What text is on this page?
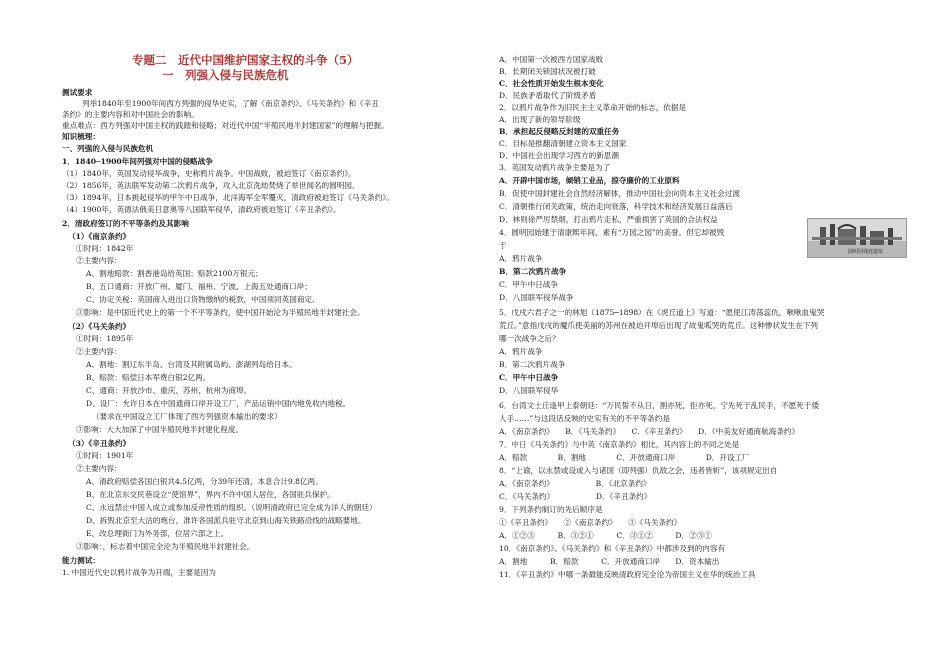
专题二　近代中国维护国家主权的斗争（5）
一　列强入侵与民族危机
测试要求
列举1840年至1900年间西方列强的侵华史实，了解《南京条约》、《马关条约》和《辛丑
条约》的主要内容和对中国社会的影响。
重点难点：西方列强对中国主权的践踏和侵略；对近代中国“半殖民地半封建国家”的理解与把握。
知识梳理：
一、列强的入侵与民族危机
1．1840─1900年间列强对中国的侵略战争
（1）1840年，英国发动侵华战争，史称鸦片战争。中国战败，被迫签订《南京条约》。
（2）1856年，英法联军发动第二次鸦片战争，攻入北京洗劫焚烧了举世闻名的圆明园。
（3）1894年，日本挑起侵华的甲午中日战争，北洋海军全军覆灭，清政府被迫签订《马关条约》。
（4）1900年，英德法俄美日意奥等八国联军侵华，清政府被迫签订《辛丑条约》。
2．清政府签订的不平等条约及其影响
（1）《南京条约》
①时间：1842年
②主要内容：
A、割地赔款：割香港岛给英国；赔款2100万银元；
B、五口通商：开放广州、厦门、福州、宁波、上海五处通商口岸；
C、协定关税：英国商人进出口货物缴纳的税款，中国须同英国商定。
③影响：是中国近代史上的第一个不平等条约，使中国开始沦为半殖民地半封建社会。
（2）《马关条约》
①时间：1895年
②主要内容：
A、割地：割辽东半岛、台湾及其附属岛屿、澎湖列岛给日本。
B、赔款：赔偿日本军费白银2亿两。
C、通商：开放沙市、重庆、苏州、杭州为商埠。
D、设厂：允许日本在中国通商口岸开设工厂，产品运销中国内地免收内地税。
（要求在中国设立工厂体现了西方列强资本输出的要求）
③影响：大大加深了中国半殖民地半封建化程度。
（3）《辛丑条约》
①时间：1901年
②主要内容：
A、清政府赔偿各国白银共4.5亿两，分39年还清，本息合计9.8亿两。
B、在北京东交民巷设立“使馆界”，界内不许中国人居住，各国驻兵保护。
C、永远禁止中国人成立或参加反帝性质的组织。（说明清政府已完全成为洋人的朝廷）
D、拆毁北京至大沽的炮台，准许各国派兵驻守北京到山海关铁路沿线的战略要地。
E、改总理衙门为外务部，位居六部之上。
③影响：，标志着中国完全沦为半殖民地半封建社会。
能力测试：
1. 中国近代史以鸦片战争为开端，主要是因为
圆明园残迹遗址
A．中国第一次被西方国家战败
B．长期闭关锁国状况被打破
C．社会性质开始发生根本变化
D．民族矛盾取代了阶级矛盾
2．以鸦片战争作为旧民主主义革命开始的标志，依据是
A．出现了新的领导阶级
B．承担起反侵略反封建的双重任务
C．目标是推翻清朝建立资本主义国家
D．中国社会出现学习西方的新思潮
3．英国发动鸦片战争主要是为了
A．开辟中国市场，倾销工业品，掠夺廉价的工业原料
B．促使中国封建社会自然经济解体，推动中国社会向资本主义社会过渡
C．清朝推行闭关政策，统治走向衰落，科学技术和经济发展日益落后
D．林则徐严厉禁烟，打击鸦片走私，严重损害了英国的合法权益
4．圆明园始建于清康熙年间，素有“万园之园”的美誉。但它却被毁
于
A．鸦片战争
B．第二次鸦片战争
C．甲午中日战争
D．八国联军侵华战争
5．戊戌六君子之一的林旭（1875─1898）在《虎丘道上》写道：“愿使江涛荡蕊仇，啾啾血鬼哭
荒丘。”意指戊戌的魔爪使美丽的苏州在被迫开埠后出现了故鬼呱哭的荒丘。这种惨状发生在下列
哪一次战争之后？
A．鸦片战争
B．第二次鸦片战争
C．甲午中日战争
D．八国联军侵华
6．台湾文士丘逢甲上泰朝廷：“万民誓不从日，割亦死，拒亦死，宁先死于乱民手，不愿死于倭
人手……”与这段话反映的史实有关的不平等条约是
A．《南京条约》　　B．《马关条约》　　C．《辛丑条约》　　D．《中美友好通商航海条约》
7．中日《马关条约》与中英《南京条约》相比，其内容上的不同之处是
A．赔款　　　　B．割地　　　　C．开放通商口岸　　　　D．开设工厂
8．“上谕，以永禁或设或入与诸国（即列强）仇敌之会，违者皆斩”，该项规定出自
A．《南京条约》　　　　　　B．《北京条约》
C．《马关条约》　　　　　　D．《辛丑条约》
9．下列条约制订的先后顺序是
①《辛丑条约》　　②《南京条约》　　③《马关条约》
A．①②③　　　B．③②①　　　C．③①②　　　D．②③①
10．《南京条约》、《马关条约》和《辛丑条约》中都涉及到的内容有
A．割地　　　B．赔款　　　C．开放通商口岸　　D．资本输出
11．《辛丑条约》中哪一条最能反映清政府完全沦为帝国主义在华的统治工具
